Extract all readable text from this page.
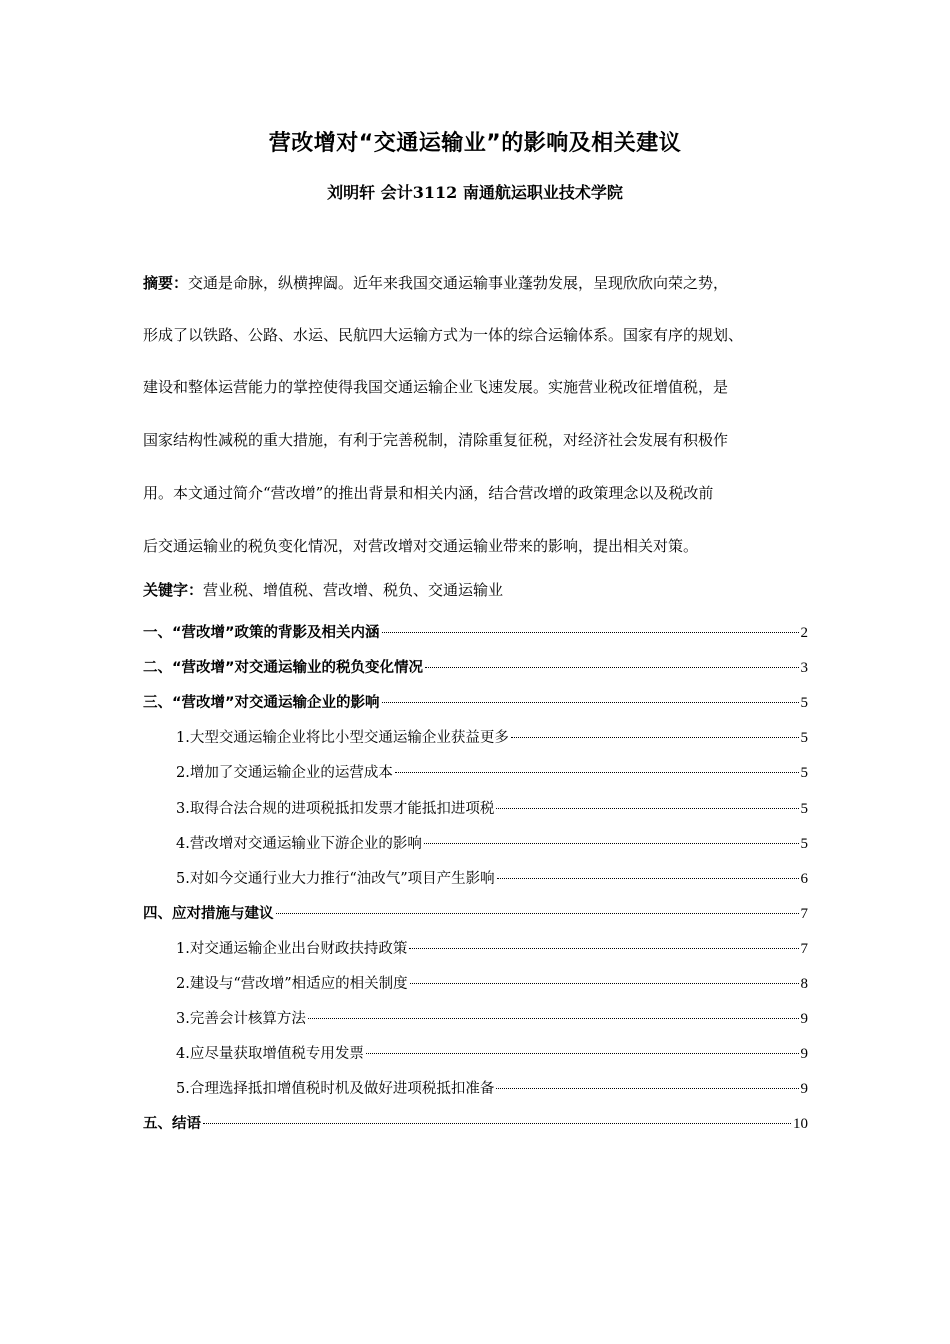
营改增对“交通运输业”的影响及相关建议
刘明轩 会计3112 南通航运职业技术学院
摘要：交通是命脉，纵横捭阖。近年来我国交通运输事业蓬勃发展，呈现欣欣向荣之势，
形成了以铁路、公路、水运、民航四大运输方式为一体的综合运输体系。国家有序的规划、
建设和整体运营能力的掌控使得我国交通运输企业飞速发展。实施营业税改征增值税，是
国家结构性减税的重大措施，有利于完善税制，清除重复征税，对经济社会发展有积极作
用。本文通过简介“营改增”的推出背景和相关内涵，结合营改增的政策理念以及税改前
后交通运输业的税负变化情况，对营改增对交通运输业带来的影响，提出相关对策。
关键字：营业税、增值税、营改增、税负、交通运输业
一、“营改增”政策的背影及相关内涵	2
二、“营改增”对交通运输业的税负变化情况	3
三、“营改增”对交通运输企业的影响	5
1.大型交通运输企业将比小型交通运输企业获益更多	5
2.增加了交通运输企业的运营成本	5
3.取得合法合规的进项税抵扣发票才能抵扣进项税	5
4.营改增对交通运输业下游企业的影响	5
5.对如今交通行业大力推行“油改气”项目产生影响	6
四、应对措施与建议	7
1.对交通运输企业出台财政扶持政策	7
2.建设与“营改增”相适应的相关制度	8
3.完善会计核算方法	9
4.应尽量获取增值税专用发票	9
5.合理选择抵扣增值税时机及做好进项税抵扣准备	9
五、结语	10
